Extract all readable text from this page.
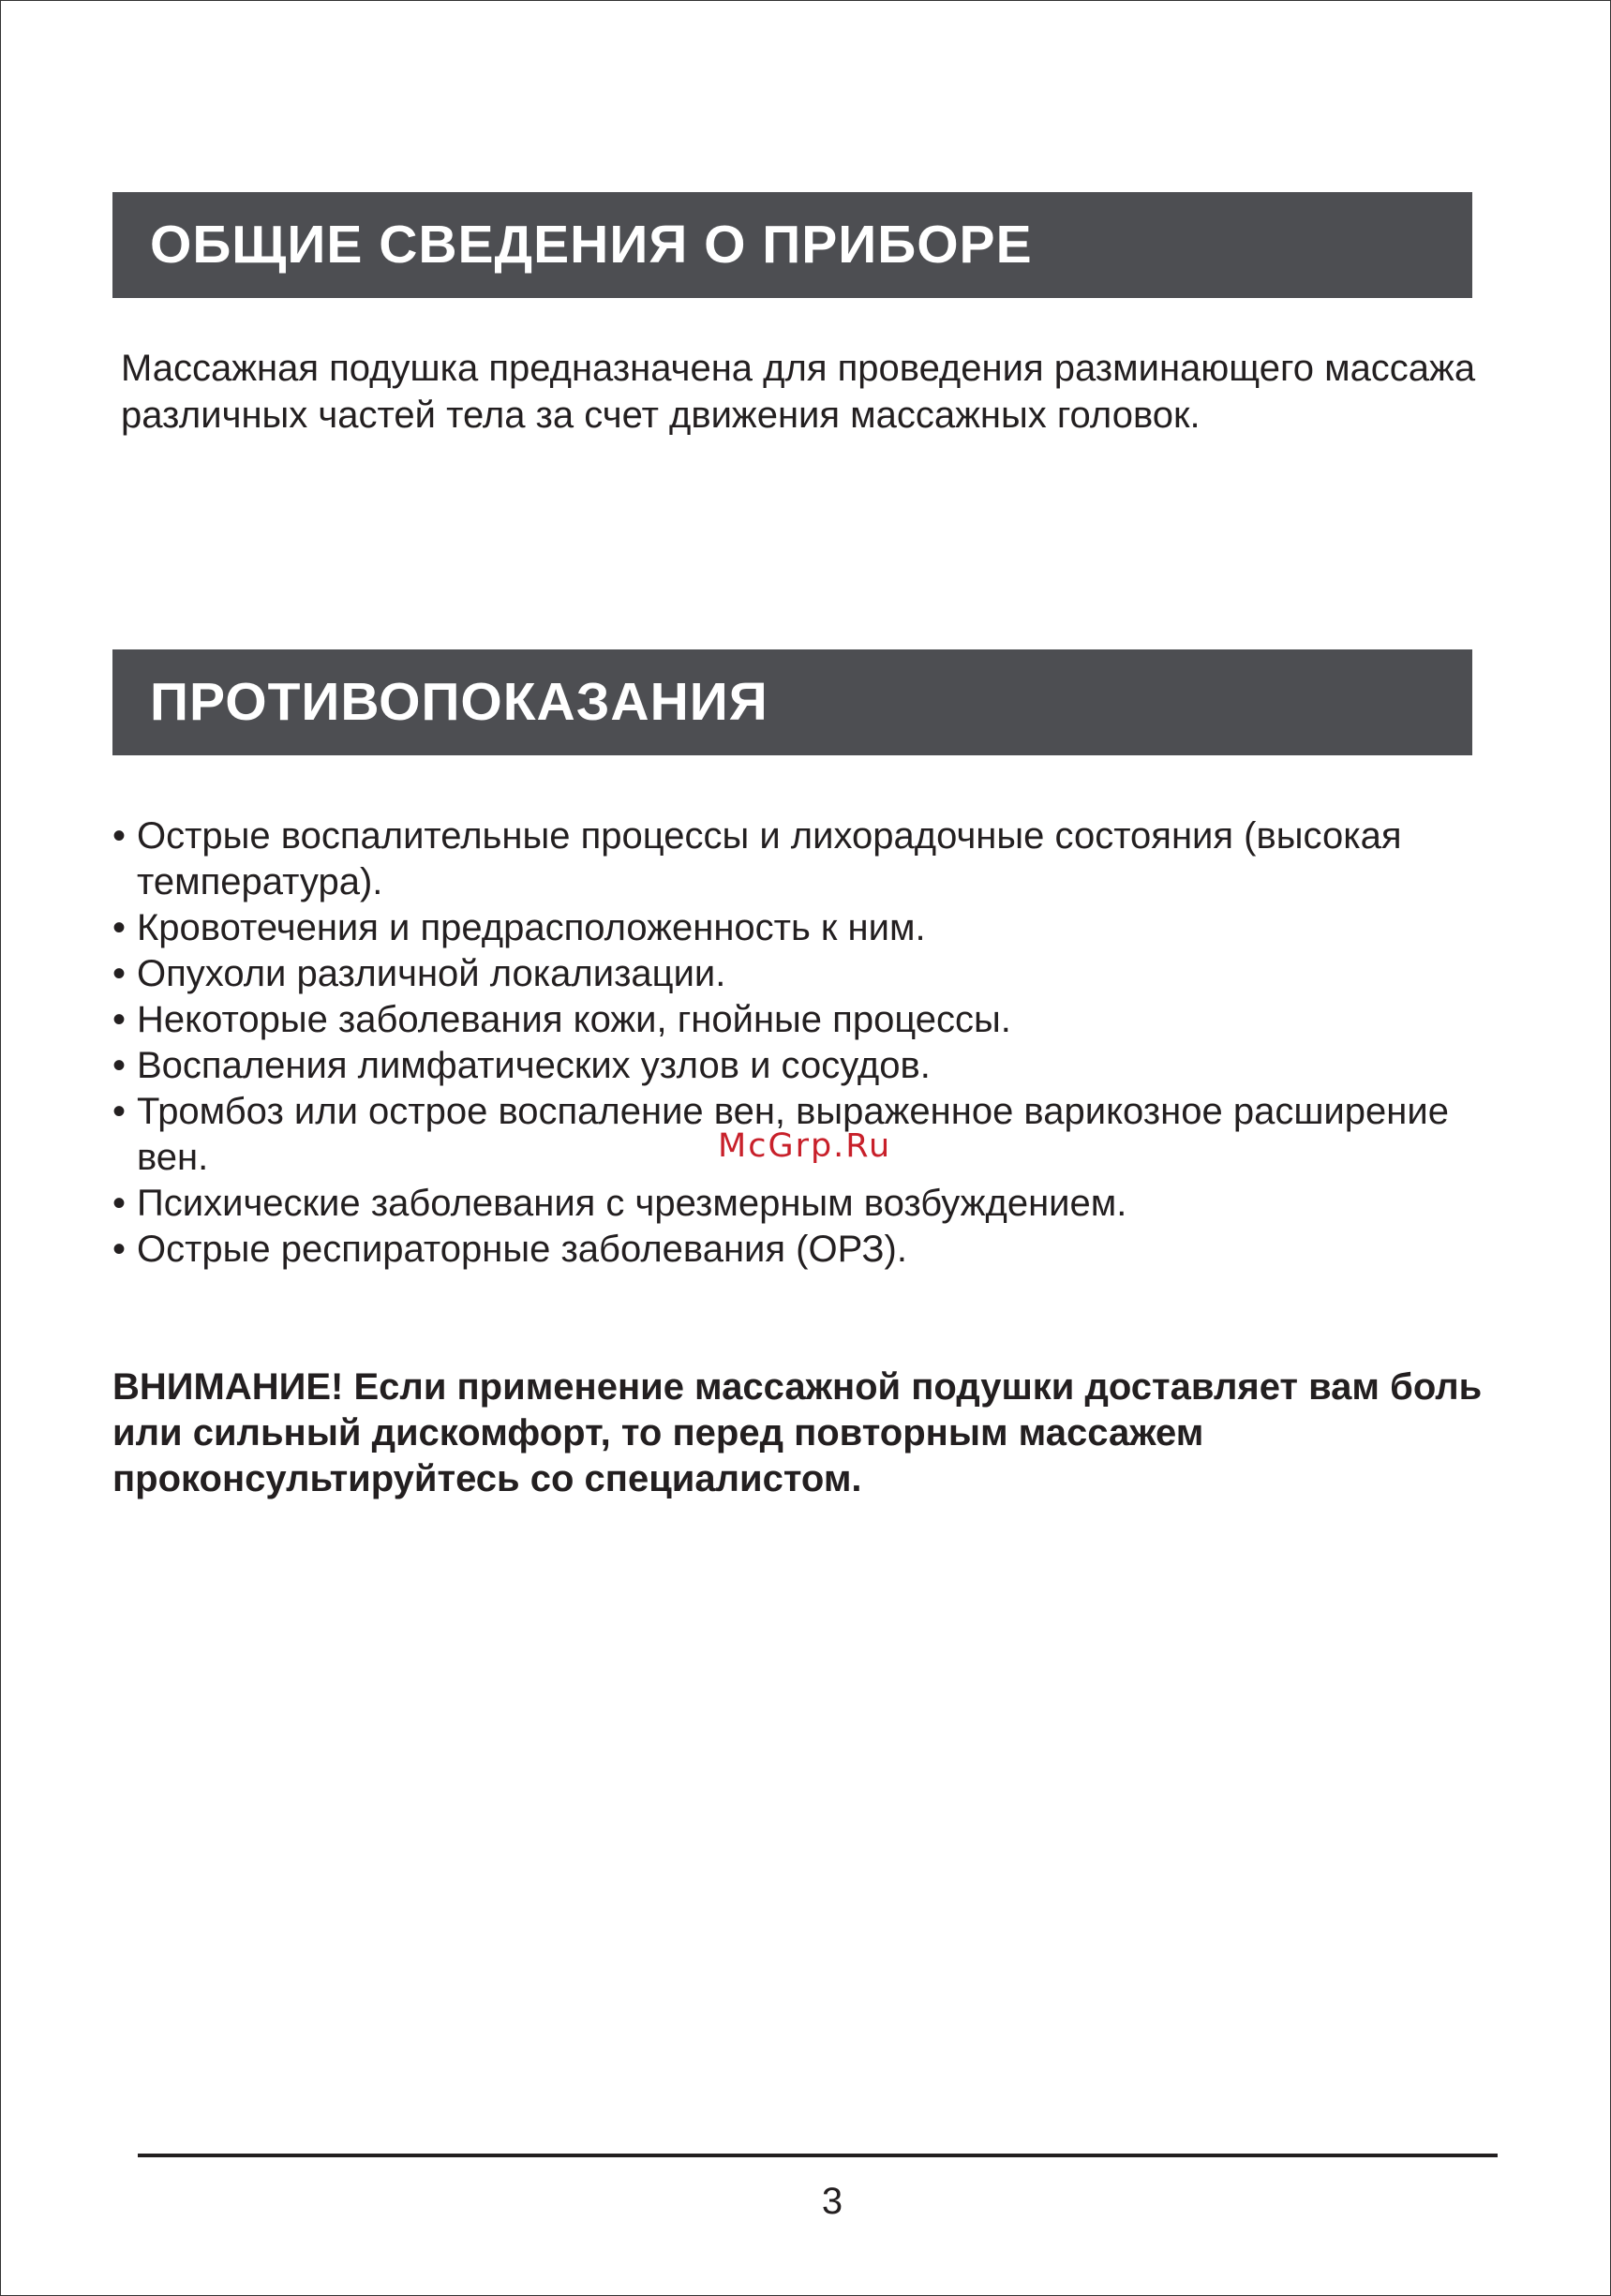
ОБЩИЕ СВЕДЕНИЯ О ПРИБОРЕ

Массажная подушка предназначена для проведения разминающего массажа различных частей тела за счет движения массажных головок.

ПРОТИВОПОКАЗАНИЯ
• Острые воспалительные процессы и лихорадочные состояния (высокая температура).
• Кровотечения и предрасположенность к ним.
• Опухоли различной локализации.
• Некоторые заболевания кожи, гнойные процессы.
• Воспаления лимфатических узлов и сосудов.
• Тромбоз или острое воспаление вен, выраженное варикозное расширение вен.
• Психические заболевания с чрезмерным возбуждением.
• Острые респираторные заболевания (ОРЗ).
McGrp.Ru

ВНИМАНИЕ! Если применение массажной подушки доставляет вам боль или сильный дискомфорт, то перед повторным массажем проконсультируйтесь со специалистом.

3
